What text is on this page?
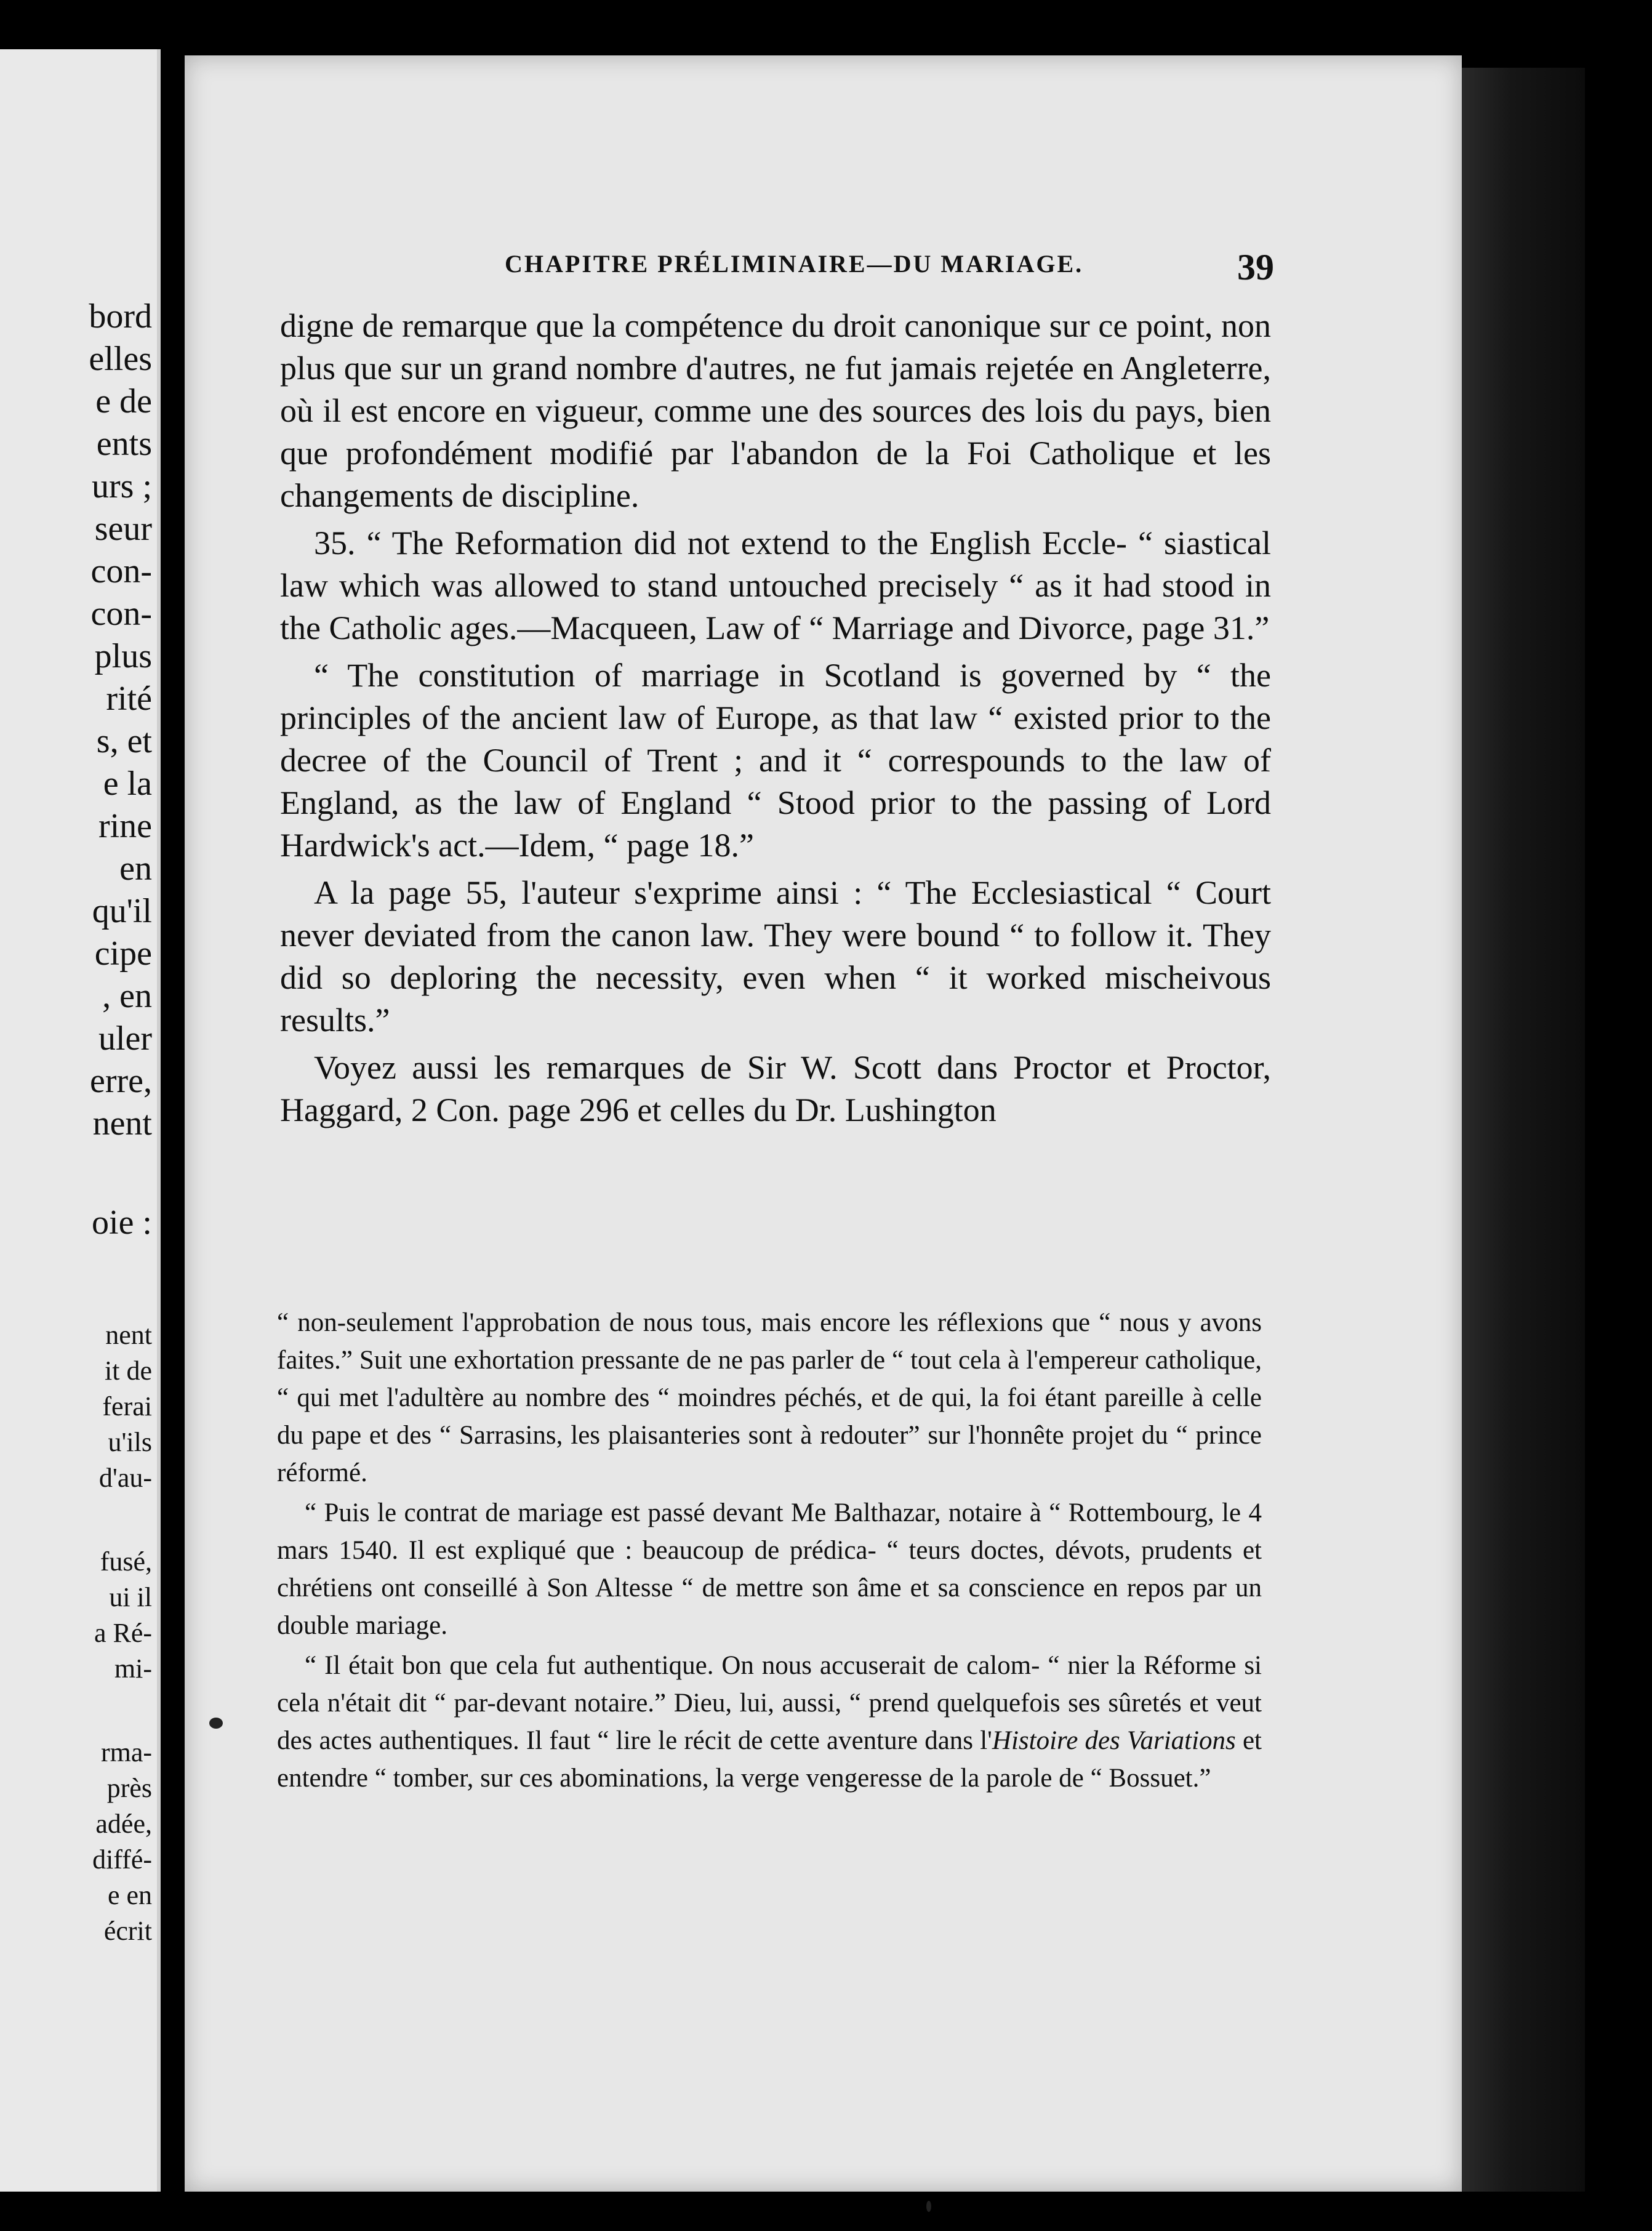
bord
elles
e de
ents
urs ;
seur
con-
con-
plus
rité
s, et
e la
rine
en
qu'il
cipe
, en
uler
erre,
nent
oie :
nent
it de
ferai
u'ils
d'au-
fusé,
ui il
a Ré-
mi-
rma-
près
adée,
diffé-
e en
écrit
CHAPITRE PRÉLIMINAIRE—DU MARIAGE.	39

digne de remarque que la compétence du droit canonique sur ce point, non plus que sur un grand nombre d'autres, ne fut jamais rejetée en Angleterre, où il est encore en vigueur, comme une des sources des lois du pays, bien que profondément modifié par l'abandon de la Foi Catholique et les changements de discipline.

35. “ The Reformation did not extend to the English Eccle- “ siastical law which was allowed to stand untouched precisely “ as it had stood in the Catholic ages.—Macqueen, Law of “ Marriage and Divorce, page 31.”

“ The constitution of marriage in Scotland is governed by “ the principles of the ancient law of Europe, as that law “ existed prior to the decree of the Council of Trent ; and it “ correspounds to the law of England, as the law of England “ Stood prior to the passing of Lord Hardwick's act.—Idem, “ page 18.”

A la page 55, l'auteur s'exprime ainsi : “ The Ecclesiastical “ Court never deviated from the canon law. They were bound “ to follow it. They did so deploring the necessity, even when “ it worked mischeivous results.”

Voyez aussi les remarques de Sir W. Scott dans Proctor et Proctor, Haggard, 2 Con. page 296 et celles du Dr. Lushington

“ non-seulement l'approbation de nous tous, mais encore les réflexions que “ nous y avons faites.” Suit une exhortation pressante de ne pas parler de “ tout cela à l'empereur catholique, “ qui met l'adultère au nombre des “ moindres péchés, et de qui, la foi étant pareille à celle du pape et des “ Sarrasins, les plaisanteries sont à redouter” sur l'honnête projet du “ prince réformé.

“ Puis le contrat de mariage est passé devant Me Balthazar, notaire à “ Rottembourg, le 4 mars 1540. Il est expliqué que : beaucoup de prédica- “ teurs doctes, dévots, prudents et chrétiens ont conseillé à Son Altesse “ de mettre son âme et sa conscience en repos par un double mariage.

“ Il était bon que cela fut authentique. On nous accuserait de calom- “ nier la Réforme si cela n'était dit “ par-devant notaire.” Dieu, lui, aussi, “ prend quelquefois ses sûretés et veut des actes authentiques. Il faut “ lire le récit de cette aventure dans l'Histoire des Variations et entendre “ tomber, sur ces abominations, la verge vengeresse de la parole de “ Bossuet.”
